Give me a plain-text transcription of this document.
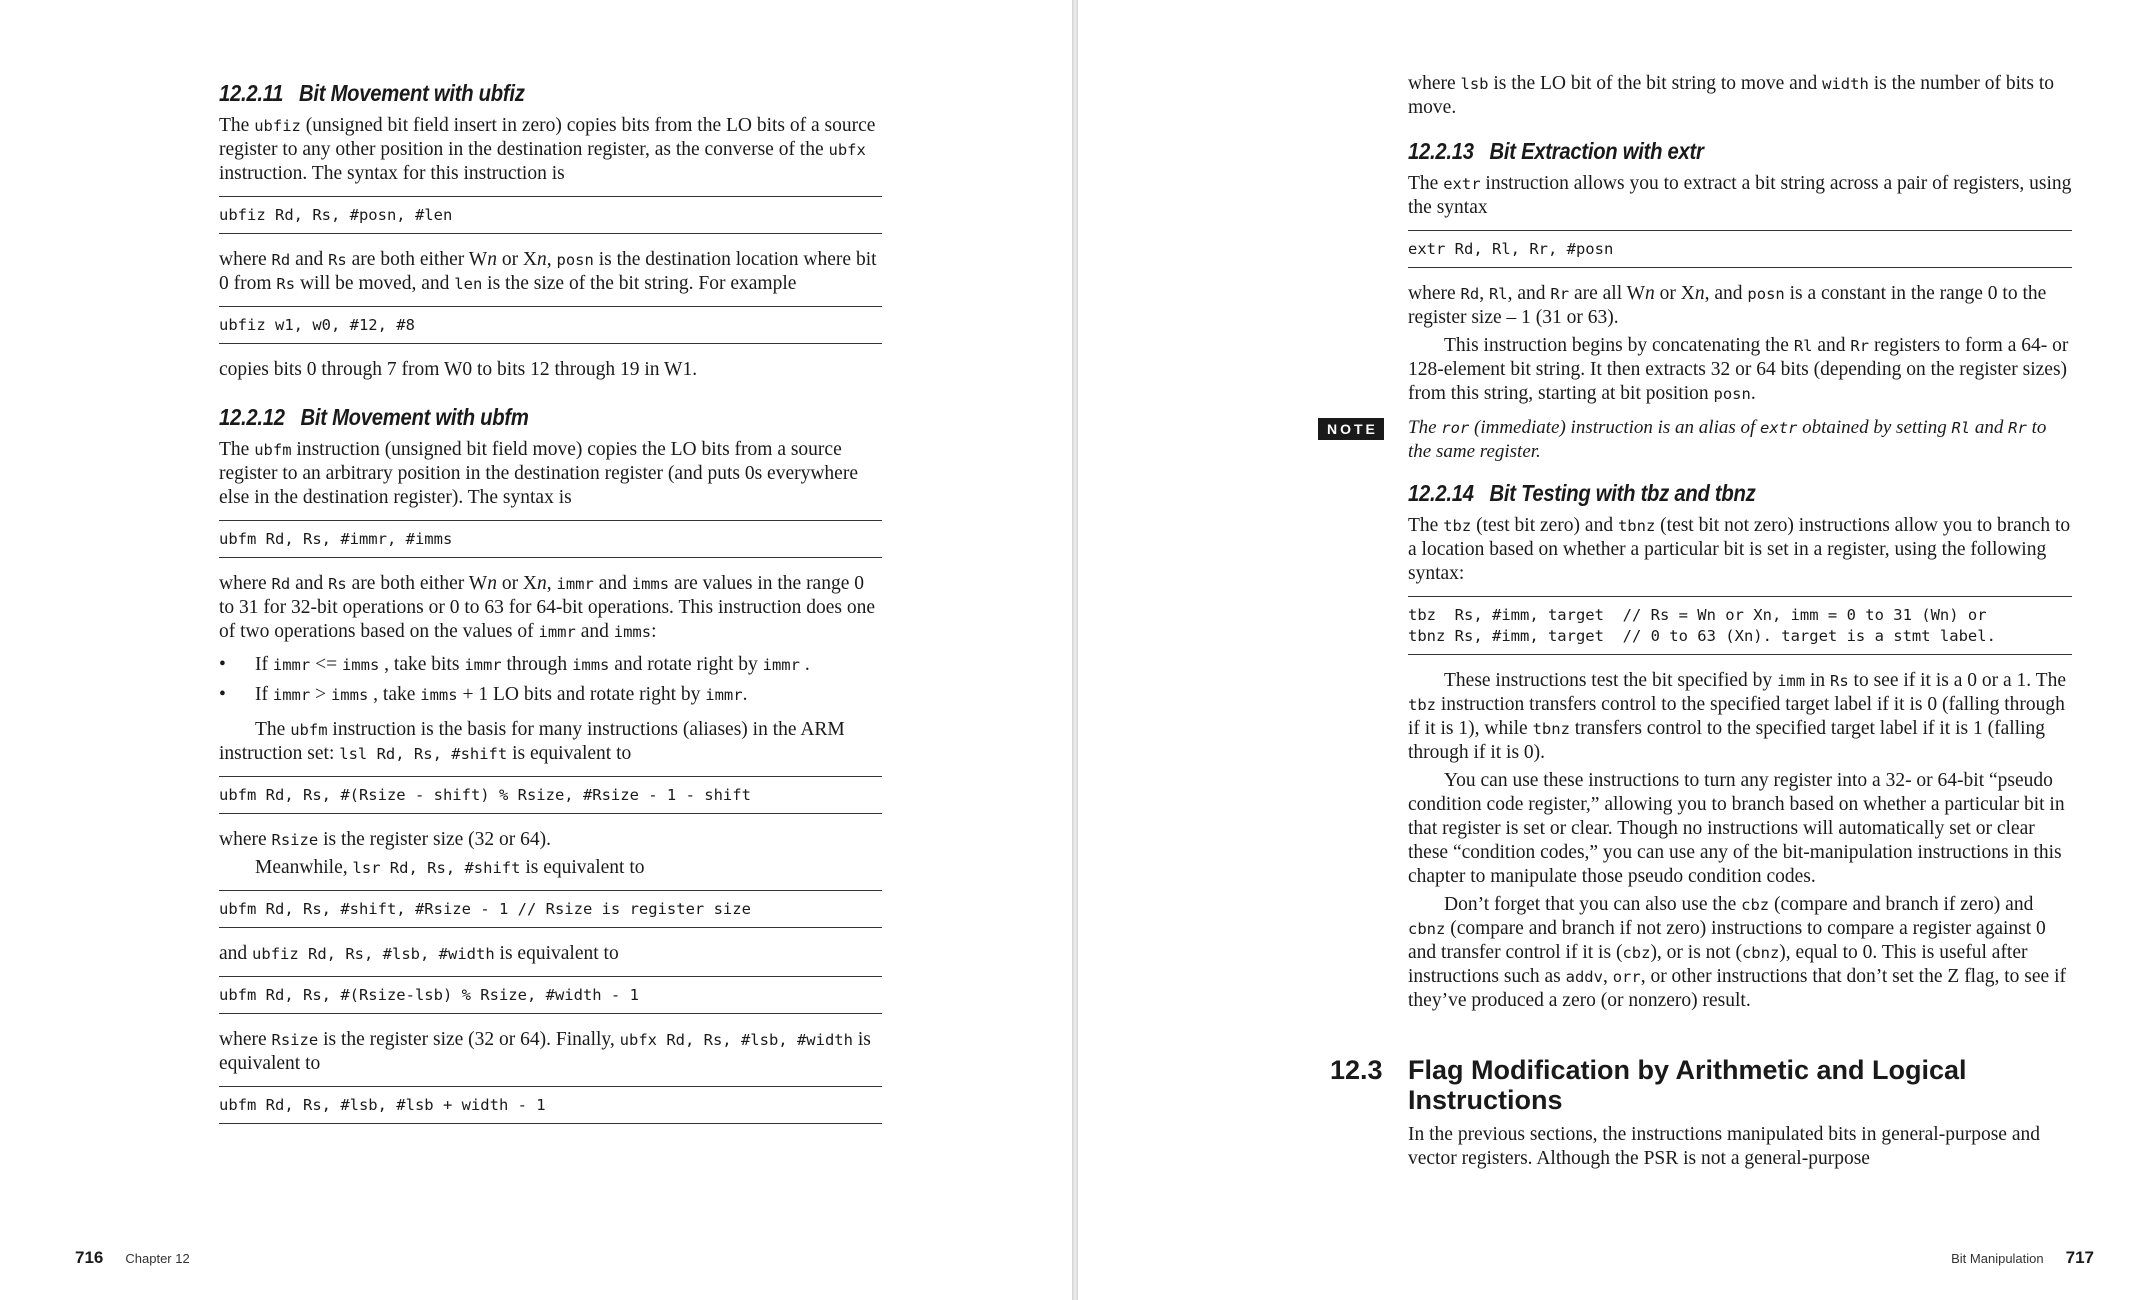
12.2.11 Bit Movement with ubfiz

The ubfiz (unsigned bit field insert in zero) copies bits from the LO bits of a source register to any other position in the destination register, as the converse of the ubfx instruction. The syntax for this instruction is

ubfiz Rd, Rs, #posn, #len

where Rd and Rs are both either Wn or Xn, posn is the destination location where bit 0 from Rs will be moved, and len is the size of the bit string. For example

ubfiz w1, w0, #12, #8

copies bits 0 through 7 from W0 to bits 12 through 19 in W1.

12.2.12 Bit Movement with ubfm

The ubfm instruction (unsigned bit field move) copies the LO bits from a source register to an arbitrary position in the destination register (and puts 0s everywhere else in the destination register). The syntax is

ubfm Rd, Rs, #immr, #imms

where Rd and Rs are both either Wn or Xn, immr and imms are values in the range 0 to 31 for 32-bit operations or 0 to 63 for 64-bit operations. This instruction does one of two operations based on the values of immr and imms:

• If immr <= imms , take bits immr through imms and rotate right by immr .
• If immr > imms , take imms + 1 LO bits and rotate right by immr.

The ubfm instruction is the basis for many instructions (aliases) in the ARM instruction set: lsl Rd, Rs, #shift is equivalent to

ubfm Rd, Rs, #(Rsize - shift) % Rsize, #Rsize - 1 - shift

where Rsize is the register size (32 or 64).

Meanwhile, lsr Rd, Rs, #shift is equivalent to

ubfm Rd, Rs, #shift, #Rsize - 1 // Rsize is register size

and ubfiz Rd, Rs, #lsb, #width is equivalent to

ubfm Rd, Rs, #(Rsize-lsb) % Rsize, #width - 1

where Rsize is the register size (32 or 64). Finally, ubfx Rd, Rs, #lsb, #width is equivalent to

ubfm Rd, Rs, #lsb, #lsb + width - 1
716 Chapter 12

where lsb is the LO bit of the bit string to move and width is the number of bits to move.

12.2.13 Bit Extraction with extr

The extr instruction allows you to extract a bit string across a pair of registers, using the syntax

extr Rd, Rl, Rr, #posn

where Rd, Rl, and Rr are all Wn or Xn, and posn is a constant in the range 0 to the register size – 1 (31 or 63).

This instruction begins by concatenating the Rl and Rr registers to form a 64- or 128-element bit string. It then extracts 32 or 64 bits (depending on the register sizes) from this string, starting at bit position posn.

NOTE	The ror (immediate) instruction is an alias of extr obtained by setting Rl and Rr to the same register.
12.2.14 Bit Testing with tbz and tbnz

The tbz (test bit zero) and tbnz (test bit not zero) instructions allow you to branch to a location based on whether a particular bit is set in a register, using the following syntax:

tbz  Rs, #imm, target  // Rs = Wn or Xn, imm = 0 to 31 (Wn) or
tbnz Rs, #imm, target  // 0 to 63 (Xn). target is a stmt label.

These instructions test the bit specified by imm in Rs to see if it is a 0 or a 1. The tbz instruction transfers control to the specified target label if it is 0 (falling through if it is 1), while tbnz transfers control to the specified target label if it is 1 (falling through if it is 0).

You can use these instructions to turn any register into a 32- or 64-bit “pseudo condition code register,” allowing you to branch based on whether a particular bit in that register is set or clear. Though no instructions will automatically set or clear these “condition codes,” you can use any of the bit-manipulation instructions in this chapter to manipulate those pseudo condition codes.

Don’t forget that you can also use the cbz (compare and branch if zero) and cbnz (compare and branch if not zero) instructions to compare a register against 0 and transfer control if it is (cbz), or is not (cbnz), equal to 0. This is useful after instructions such as addv, orr, or other instructions that don’t set the Z flag, to see if they’ve produced a zero (or nonzero) result.

12.3 Flag Modification by Arithmetic and Logical Instructions

In the previous sections, the instructions manipulated bits in general-purpose and vector registers. Although the PSR is not a general-purpose

Bit Manipulation 717
